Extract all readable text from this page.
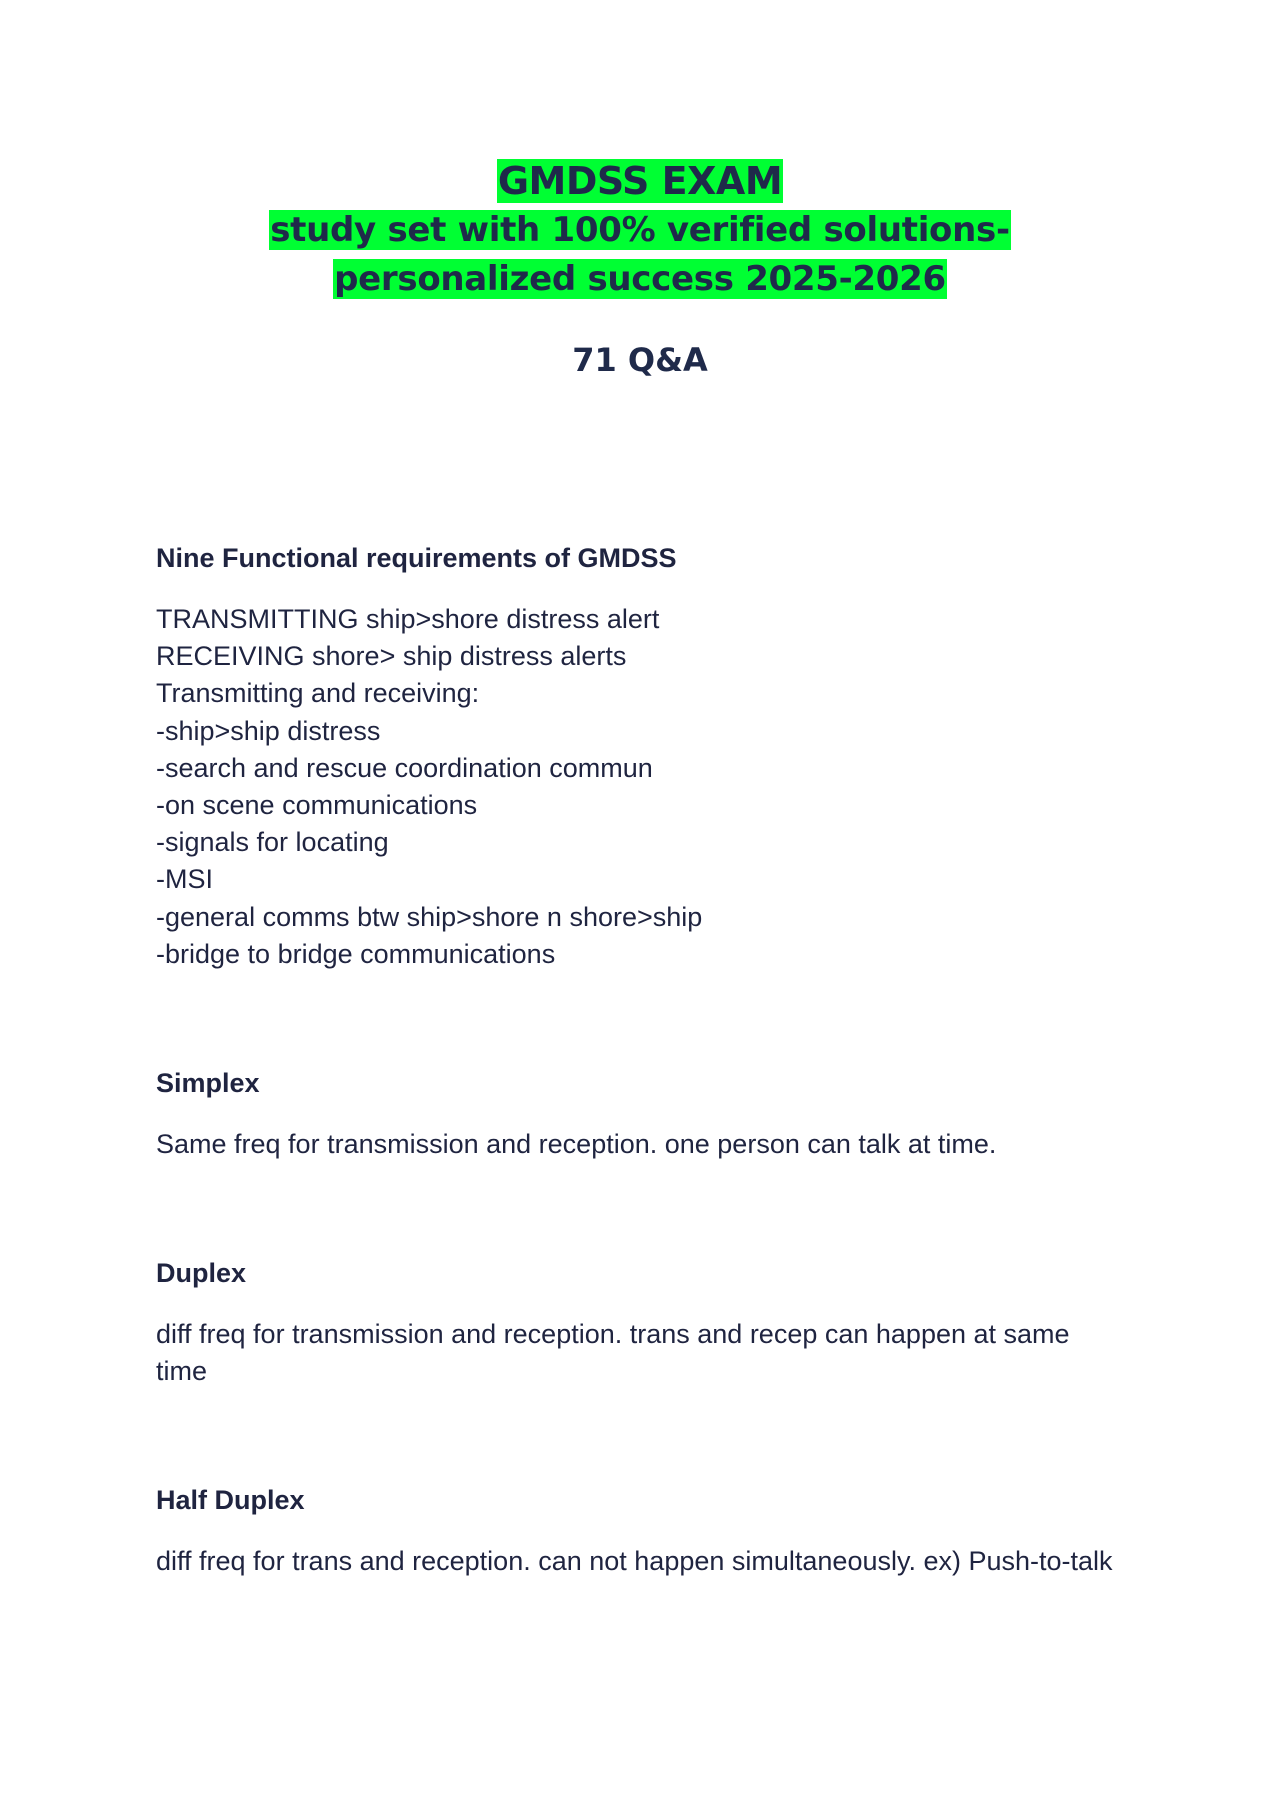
GMDSS EXAM
study set with 100% verified solutions-personalized success 2025-2026
71 Q&A

Nine Functional requirements of GMDSS

TRANSMITTING ship>shore distress alert
RECEIVING shore> ship distress alerts
Transmitting and receiving:
-ship>ship distress
-search and rescue coordination commun
-on scene communications
-signals for locating
-MSI
-general comms btw ship>shore n shore>ship
-bridge to bridge communications

Simplex

Same freq for transmission and reception. one person can talk at time.

Duplex

diff freq for transmission and reception. trans and recep can happen at same time

Half Duplex

diff freq for trans and reception. can not happen simultaneously. ex) Push-to-talk
